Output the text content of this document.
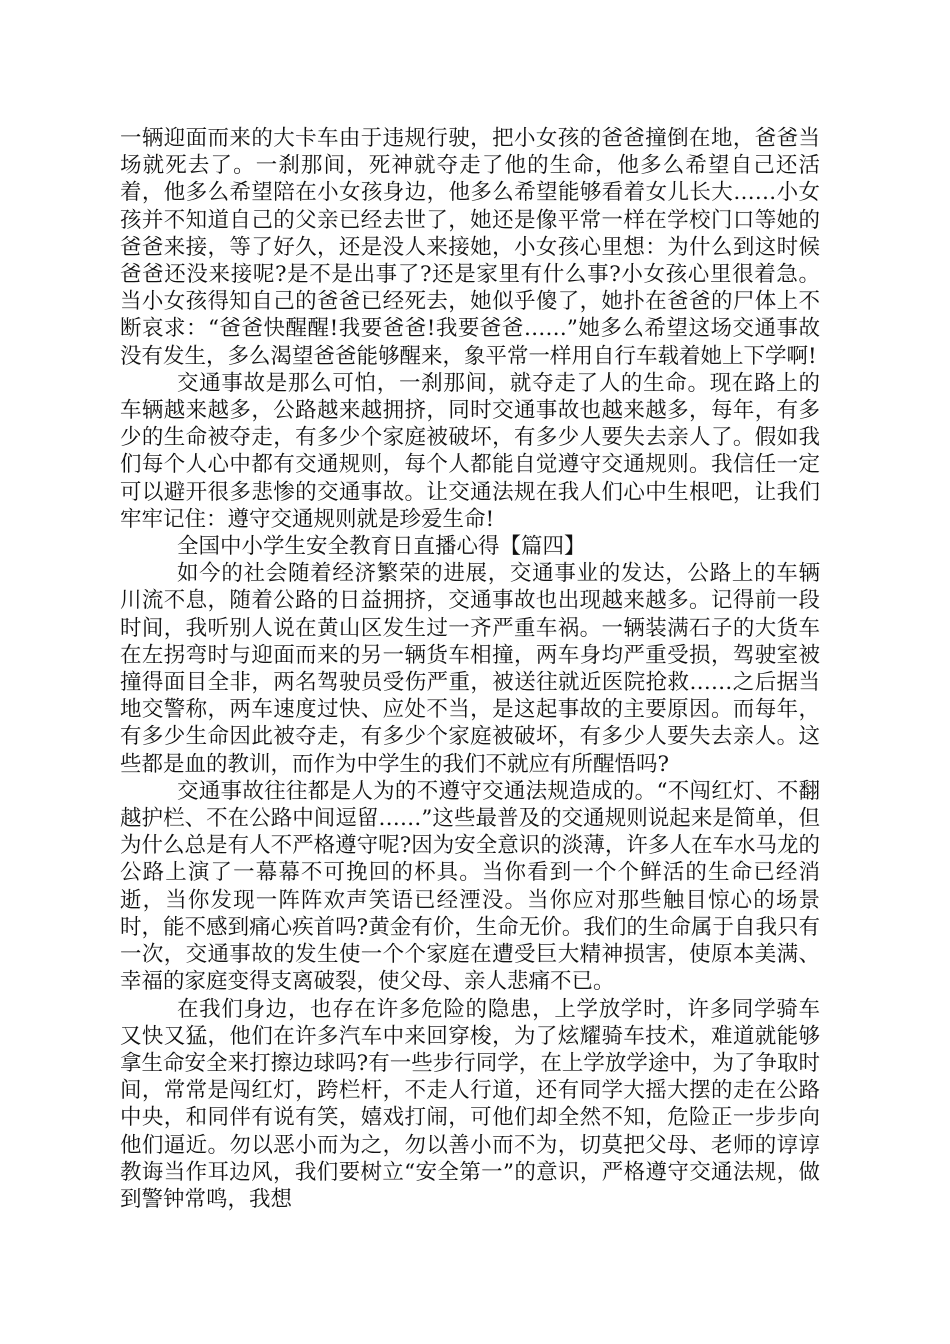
一辆迎面而来的大卡车由于违规行驶，把小女孩的爸爸撞倒在地，爸爸当场就死去了。一刹那间，死神就夺走了他的生命，他多么希望自己还活着，他多么希望陪在小女孩身边，他多么希望能够看着女儿长大……小女孩并不知道自己的父亲已经去世了，她还是像平常一样在学校门口等她的爸爸来接，等了好久，还是没人来接她，小女孩心里想：为什么到这时候爸爸还没来接呢?是不是出事了?还是家里有什么事?小女孩心里很着急。当小女孩得知自己的爸爸已经死去，她似乎傻了，她扑在爸爸的尸体上不断哀求：“爸爸快醒醒!我要爸爸!我要爸爸……”她多么希望这场交通事故没有发生，多么渴望爸爸能够醒来，象平常一样用自行车载着她上下学啊!

交通事故是那么可怕，一刹那间，就夺走了人的生命。现在路上的车辆越来越多，公路越来越拥挤，同时交通事故也越来越多，每年，有多少的生命被夺走，有多少个家庭被破坏，有多少人要失去亲人了。假如我们每个人心中都有交通规则，每个人都能自觉遵守交通规则。我信任一定可以避开很多悲惨的交通事故。让交通法规在我人们心中生根吧，让我们牢牢记住：遵守交通规则就是珍爱生命!

全国中小学生安全教育日直播心得【篇四】

如今的社会随着经济繁荣的进展，交通事业的发达，公路上的车辆川流不息，随着公路的日益拥挤，交通事故也出现越来越多。记得前一段时间，我听别人说在黄山区发生过一齐严重车祸。一辆装满石子的大货车在左拐弯时与迎面而来的另一辆货车相撞，两车身均严重受损，驾驶室被撞得面目全非，两名驾驶员受伤严重，被送往就近医院抢救……之后据当地交警称，两车速度过快、应处不当，是这起事故的主要原因。而每年，有多少生命因此被夺走，有多少个家庭被破坏，有多少人要失去亲人。这些都是血的教训，而作为中学生的我们不就应有所醒悟吗?

交通事故往往都是人为的不遵守交通法规造成的。“不闯红灯、不翻越护栏、不在公路中间逗留……”这些最普及的交通规则说起来是简单，但为什么总是有人不严格遵守呢?因为安全意识的淡薄，许多人在车水马龙的公路上演了一幕幕不可挽回的杯具。当你看到一个个鲜活的生命已经消逝，当你发现一阵阵欢声笑语已经湮没。当你应对那些触目惊心的场景时，能不感到痛心疾首吗?黄金有价，生命无价。我们的生命属于自我只有一次，交通事故的发生使一个个家庭在遭受巨大精神损害，使原本美满、幸福的家庭变得支离破裂，使父母、亲人悲痛不已。

在我们身边，也存在许多危险的隐患，上学放学时，许多同学骑车又快又猛，他们在许多汽车中来回穿梭，为了炫耀骑车技术，难道就能够拿生命安全来打擦边球吗?有一些步行同学，在上学放学途中，为了争取时间，常常是闯红灯，跨栏杆，不走人行道，还有同学大摇大摆的走在公路中央，和同伴有说有笑，嬉戏打闹，可他们却全然不知，危险正一步步向他们逼近。勿以恶小而为之，勿以善小而不为，切莫把父母、老师的谆谆教诲当作耳边风，我们要树立“安全第一”的意识，严格遵守交通法规，做到警钟常鸣，我想
